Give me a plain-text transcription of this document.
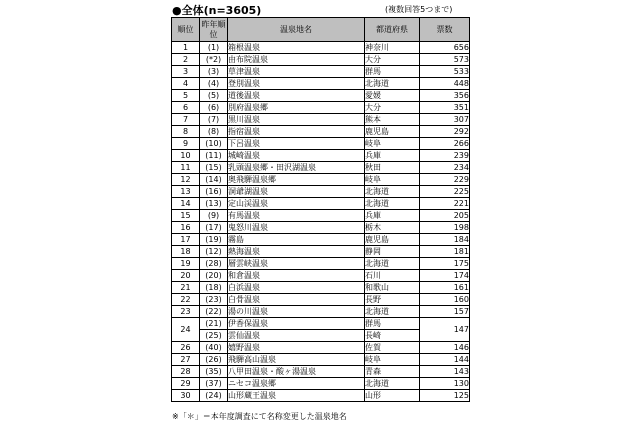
●全体(n=3605)	(複数回答5つまで)
順位	昨年順位	温泉地名	都道府県	票数
1	(1)	箱根温泉	神奈川	656
2	(*2)	由布院温泉	大分	573
3	(3)	草津温泉	群馬	533
4	(4)	登別温泉	北海道	448
5	(5)	道後温泉	愛媛	356
6	(6)	別府温泉郷	大分	351
7	(7)	黒川温泉	熊本	307
8	(8)	指宿温泉	鹿児島	292
9	(10)	下呂温泉	岐阜	266
10	(11)	城崎温泉	兵庫	239
11	(15)	乳頭温泉郷・田沢湖温泉	秋田	234
12	(14)	奥飛騨温泉郷	岐阜	229
13	(16)	洞爺湖温泉	北海道	225
14	(13)	定山渓温泉	北海道	221
15	(9)	有馬温泉	兵庫	205
16	(17)	鬼怒川温泉	栃木	198
17	(19)	霧島	鹿児島	184
18	(12)	熱海温泉	静岡	181
19	(28)	層雲峡温泉	北海道	175
20	(20)	和倉温泉	石川	174
21	(18)	白浜温泉	和歌山	161
22	(23)	白骨温泉	長野	160
23	(22)	湯の川温泉	北海道	157
24	(21)	伊香保温泉	群馬	147
	(25)	雲仙温泉	長崎	
26	(40)	嬉野温泉	佐賀	146
27	(26)	飛騨高山温泉	岐阜	144
28	(35)	八甲田温泉・酸ヶ湯温泉	青森	143
29	(37)	ニセコ温泉郷	北海道	130
30	(24)	山形蔵王温泉	山形	125
※「＊」＝本年度調査にて名称変更した温泉地名
